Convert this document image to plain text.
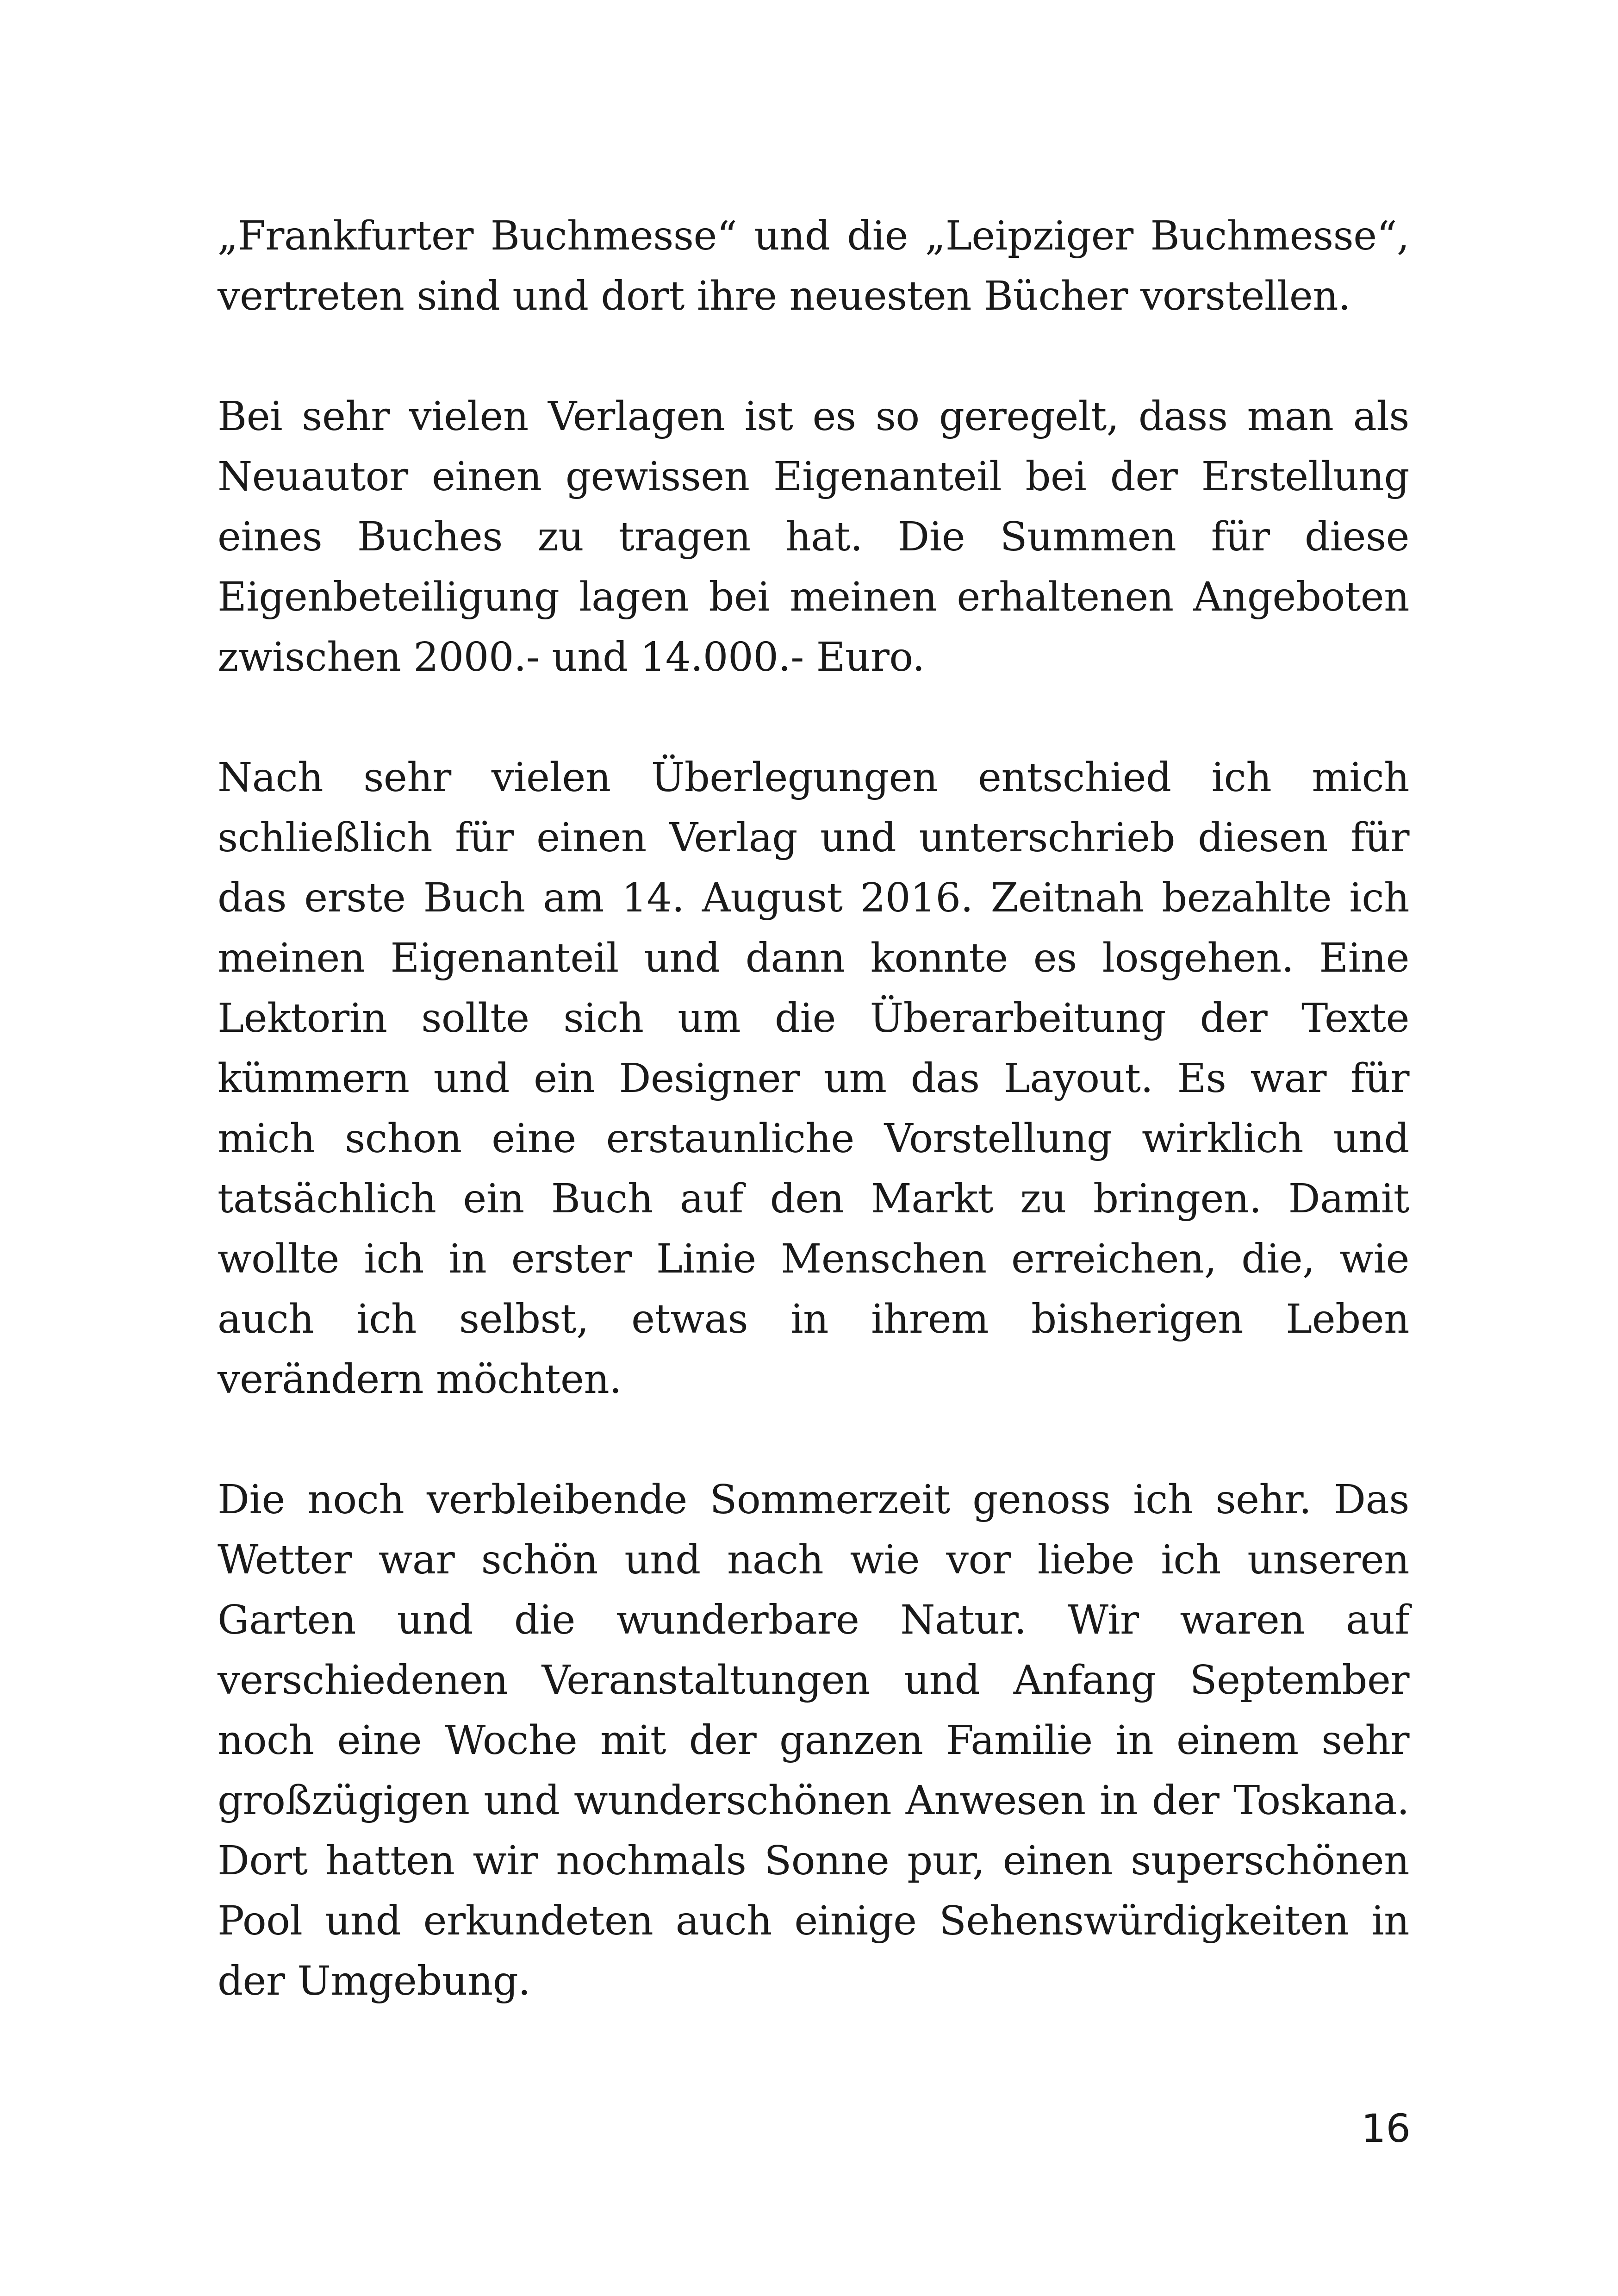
„Frankfurter Buchmesse“ und die „Leipziger Buchmesse“, vertreten sind und dort ihre neuesten Bücher vorstellen.

Bei sehr vielen Verlagen ist es so geregelt, dass man als Neuautor einen gewissen Eigenanteil bei der Erstellung eines Buches zu tragen hat. Die Summen für diese Eigenbeteiligung lagen bei meinen erhaltenen Angeboten zwischen 2000.- und 14.000.- Euro.

Nach sehr vielen Überlegungen entschied ich mich schließlich für einen Verlag und unterschrieb diesen für das erste Buch am 14. August 2016. Zeitnah bezahlte ich meinen Eigenanteil und dann konnte es losgehen. Eine Lektorin sollte sich um die Überarbeitung der Texte kümmern und ein Designer um das Layout. Es war für mich schon eine erstaunliche Vorstellung wirklich und tatsächlich ein Buch auf den Markt zu bringen. Damit wollte ich in erster Linie Menschen erreichen, die, wie auch ich selbst, etwas in ihrem bisherigen Leben verändern möchten.

Die noch verbleibende Sommerzeit genoss ich sehr. Das Wetter war schön und nach wie vor liebe ich unseren Garten und die wunderbare Natur. Wir waren auf verschiedenen Veranstaltungen und Anfang September noch eine Woche mit der ganzen Familie in einem sehr großzügigen und wunderschönen Anwesen in der Toskana. Dort hatten wir nochmals Sonne pur, einen superschönen Pool und erkundeten auch einige Sehenswürdigkeiten in der Umgebung.

16
